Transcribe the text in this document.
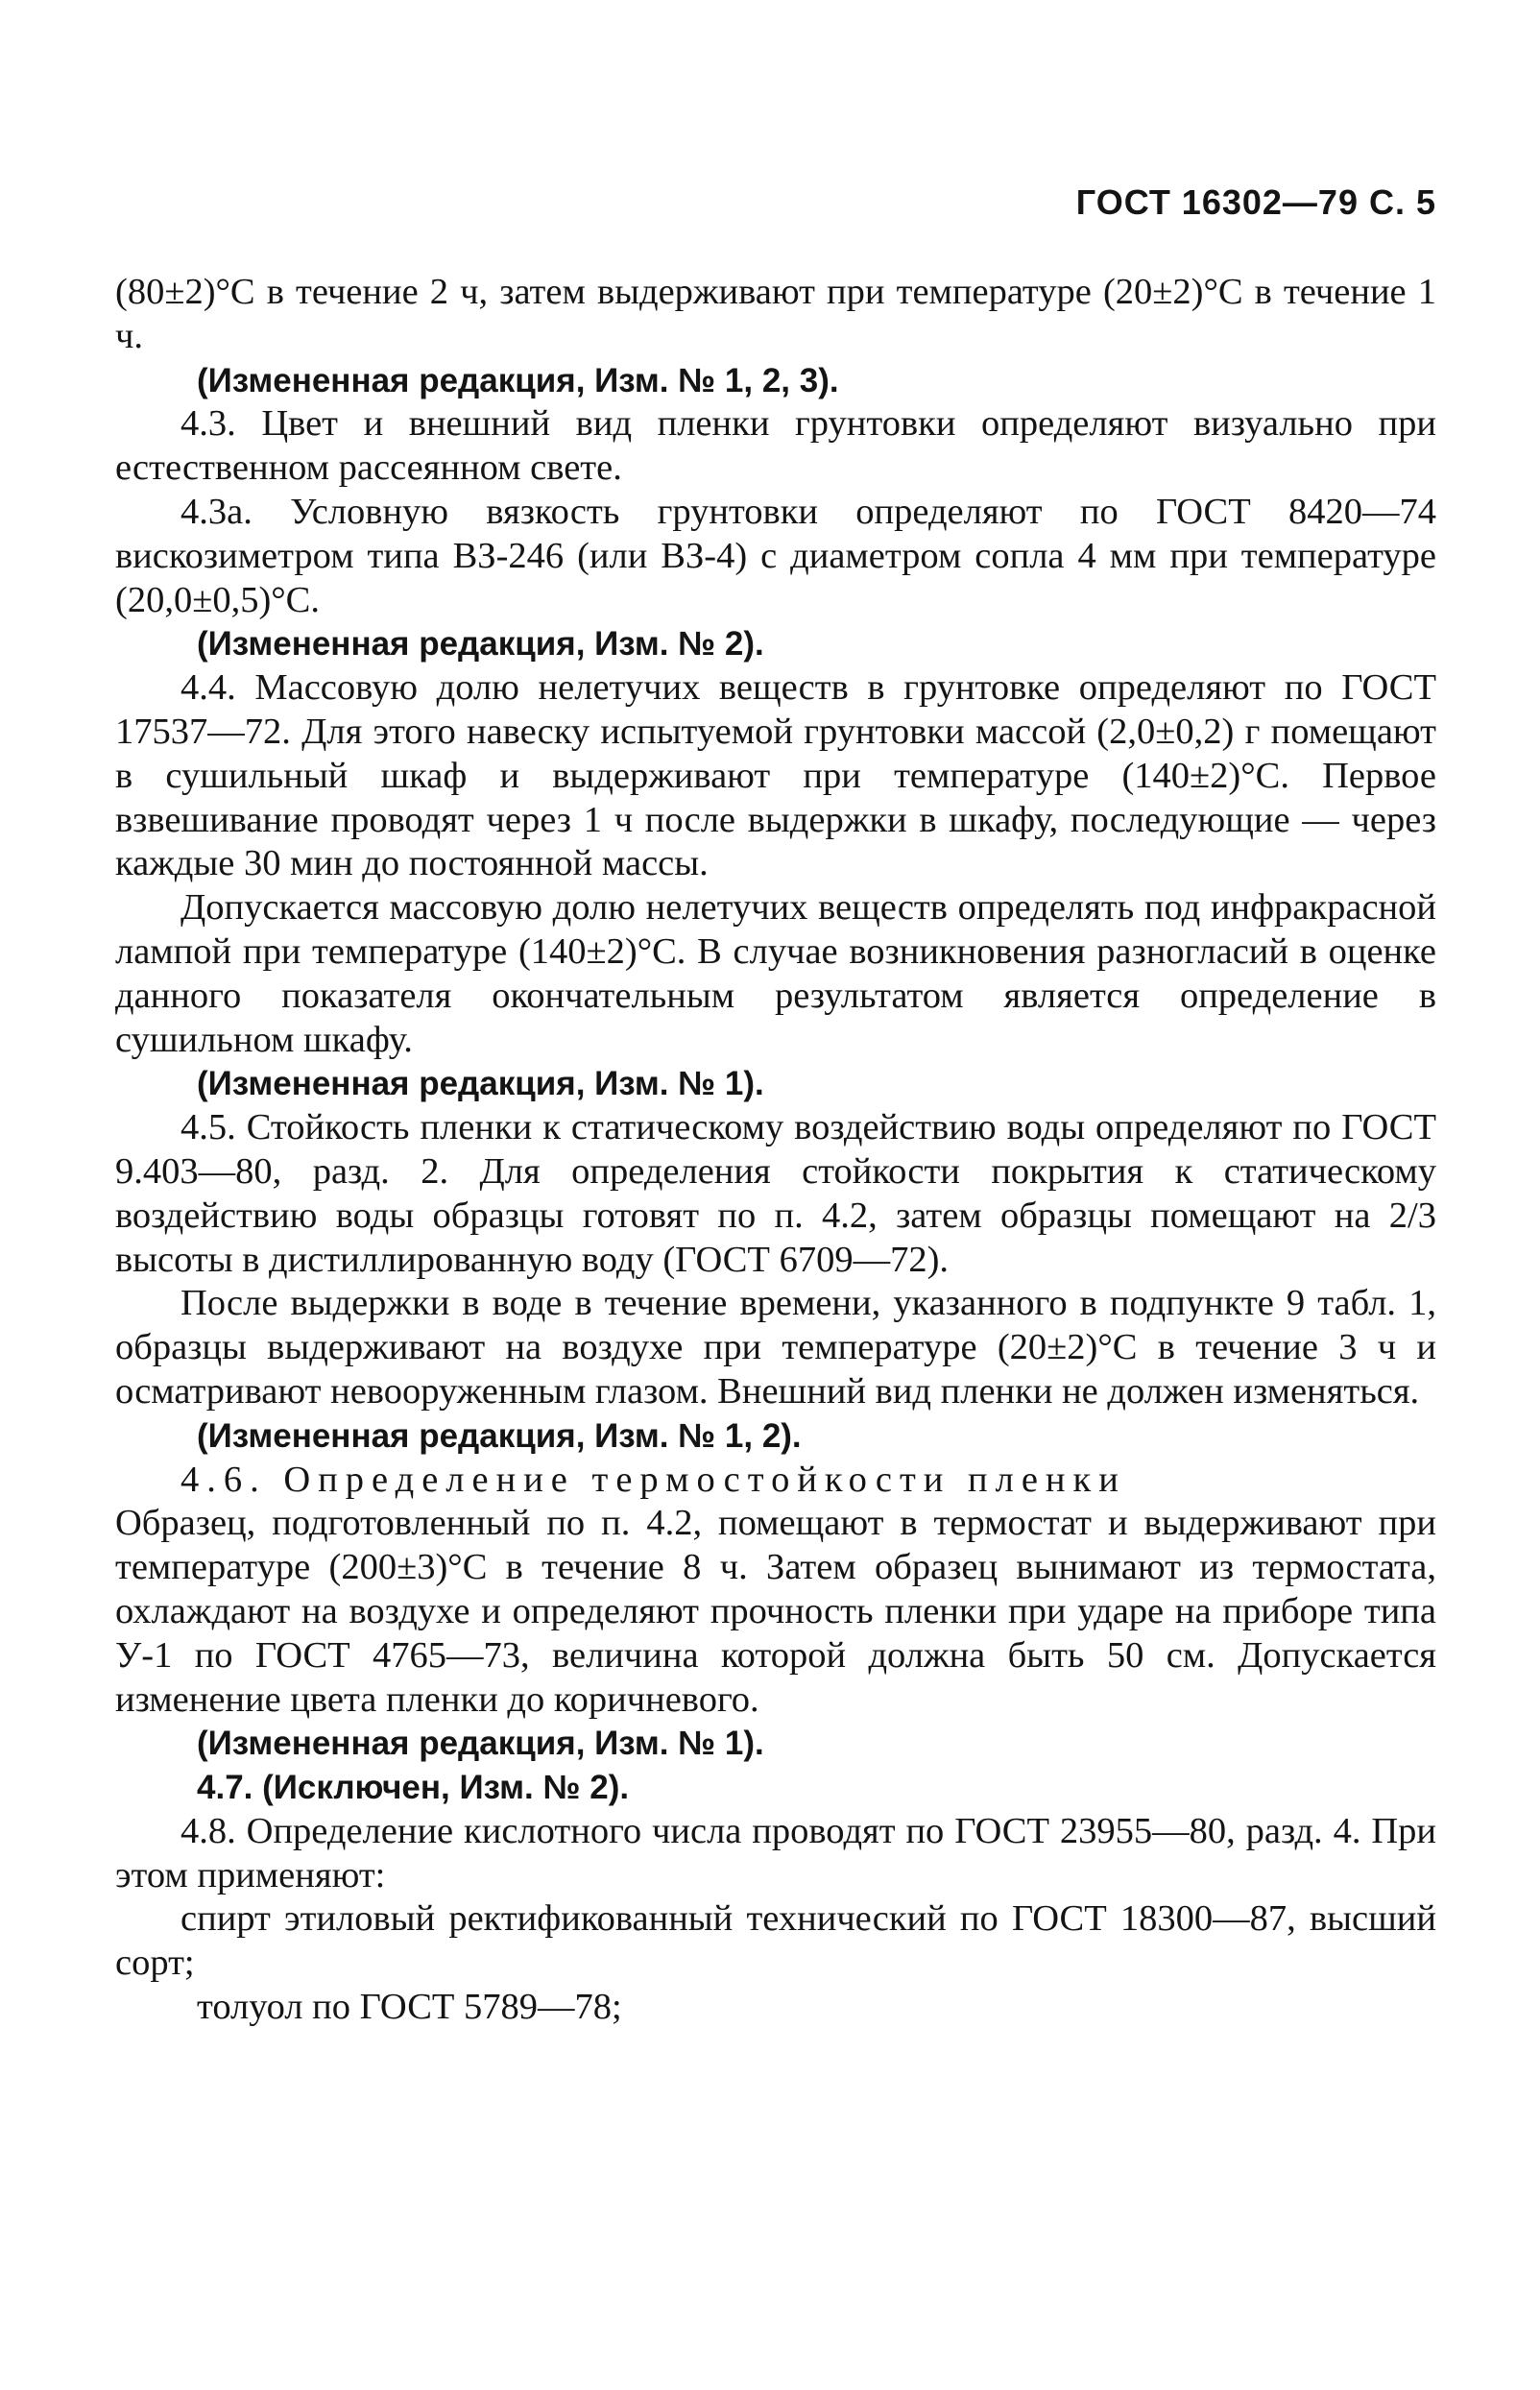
ГОСТ 16302—79 С. 5

(80±2)°С в течение 2 ч, затем выдерживают при температуре (20±2)°С в течение 1 ч.

(Измененная редакция, Изм. № 1, 2, 3).

4.3. Цвет и внешний вид пленки грунтовки определяют визуально при естественном рассеянном свете.

4.3а. Условную вязкость грунтовки определяют по ГОСТ 8420—74 вискозиметром типа ВЗ-246 (или ВЗ-4) с диаметром сопла 4 мм при температуре (20,0±0,5)°С.

(Измененная редакция, Изм. № 2).

4.4. Массовую долю нелетучих веществ в грунтовке определяют по ГОСТ 17537—72. Для этого навеску испытуемой грунтовки массой (2,0±0,2) г помещают в сушильный шкаф и выдерживают при температуре (140±2)°С. Первое взвешивание проводят через 1 ч после выдержки в шкафу, последующие — через каждые 30 мин до постоянной массы.

Допускается массовую долю нелетучих веществ определять под инфракрасной лампой при температуре (140±2)°С. В случае возникновения разногласий в оценке данного показателя окончательным результатом является определение в сушильном шкафу.

(Измененная редакция, Изм. № 1).

4.5. Стойкость пленки к статическому воздействию воды определяют по ГОСТ 9.403—80, разд. 2. Для определения стойкости покрытия к статическому воздействию воды образцы готовят по п. 4.2, затем образцы помещают на 2/3 высоты в дистиллированную воду (ГОСТ 6709—72).

После выдержки в воде в течение времени, указанного в подпункте 9 табл. 1, образцы выдерживают на воздухе при температуре (20±2)°С в течение 3 ч и осматривают невооруженным глазом. Внешний вид пленки не должен изменяться.

(Измененная редакция, Изм. № 1, 2).

4.6. Определение термостойкости пленки

Образец, подготовленный по п. 4.2, помещают в термостат и выдерживают при температуре (200±3)°С в течение 8 ч. Затем образец вынимают из термостата, охлаждают на воздухе и определяют прочность пленки при ударе на приборе типа У-1 по ГОСТ 4765—73, величина которой должна быть 50 см. Допускается изменение цвета пленки до коричневого.

(Измененная редакция, Изм. № 1).

4.7. (Исключен, Изм. № 2).

4.8. Определение кислотного числа проводят по ГОСТ 23955—80, разд. 4. При этом применяют:

спирт этиловый ректификованный технический по ГОСТ 18300—87, высший сорт;

толуол по ГОСТ 5789—78;
